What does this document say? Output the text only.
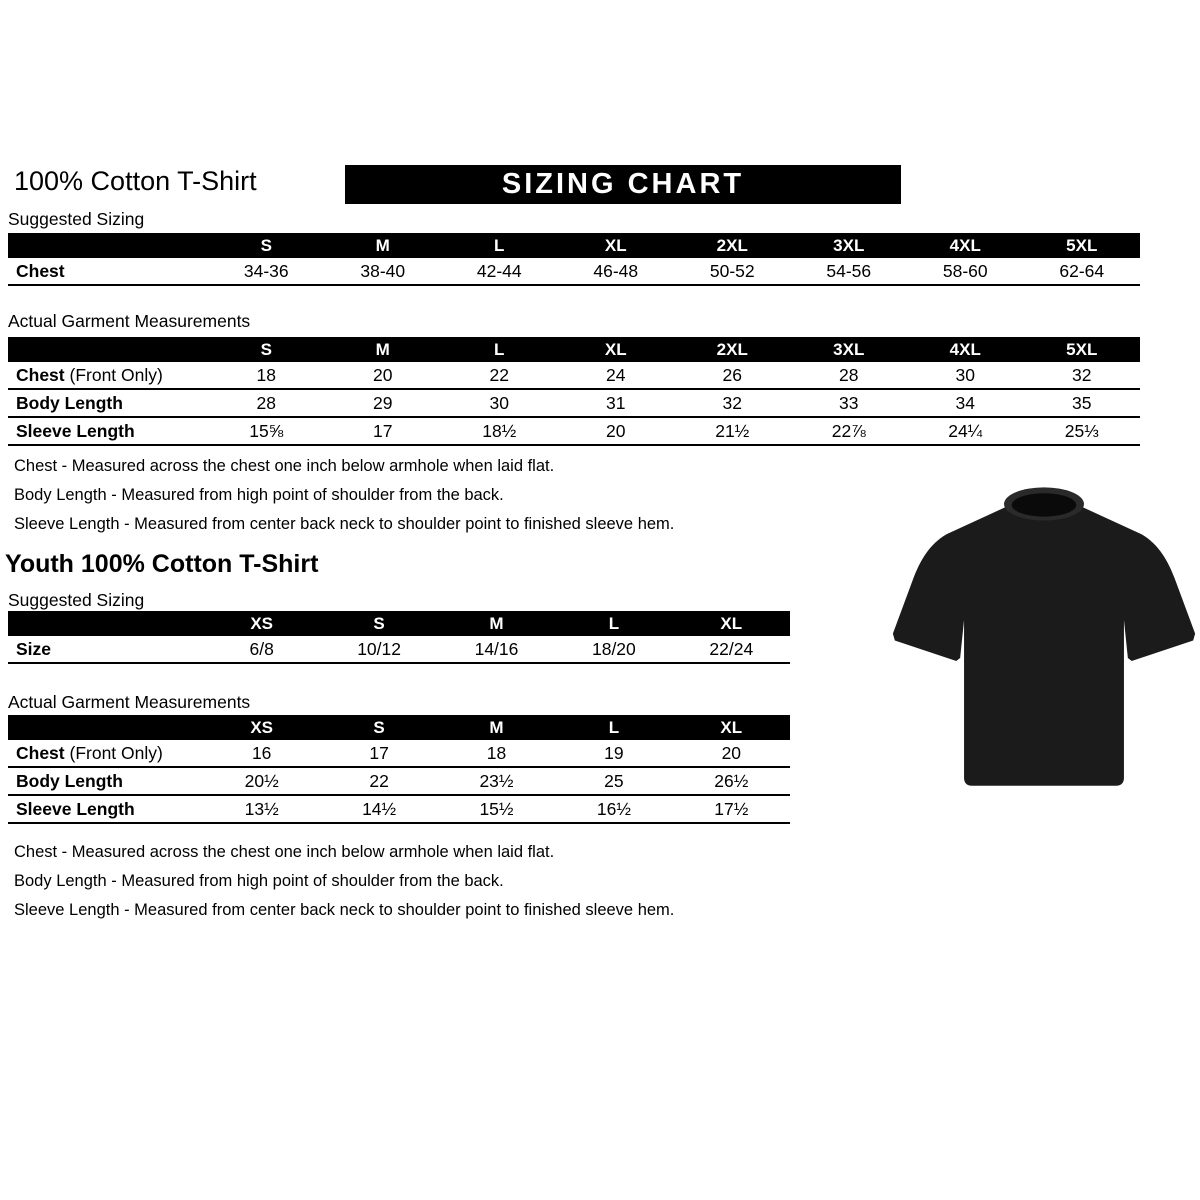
100% Cotton T-Shirt	SIZING CHART
Suggested Sizing
S	M	L	XL	2XL	3XL	4XL	5XL
Chest	34-36	38-40	42-44	46-48	50-52	54-56	58-60	62-64
Actual Garment Measurements
S	M	L	XL	2XL	3XL	4XL	5XL
Chest (Front Only)	18	20	22	24	26	28	30	32
Body Length	28	29	30	31	32	33	34	35
Sleeve Length	15⅝	17	18½	20	21½	22⅞	24¼	25⅓

Chest - Measured across the chest one inch below armhole when laid flat.

Body Length - Measured from high point of shoulder from the back.

Sleeve Length - Measured from center back neck to shoulder point to finished sleeve hem.

Youth 100% Cotton T-Shirt
Suggested Sizing
XS	S	M	L	XL
Size	6/8	10/12	14/16	18/20	22/24
Actual Garment Measurements
XS	S	M	L	XL
Chest (Front Only)	16	17	18	19	20
Body Length	20½	22	23½	25	26½
Sleeve Length	13½	14½	15½	16½	17½

Chest - Measured across the chest one inch below armhole when laid flat.

Body Length - Measured from high point of shoulder from the back.

Sleeve Length - Measured from center back neck to shoulder point to finished sleeve hem.
